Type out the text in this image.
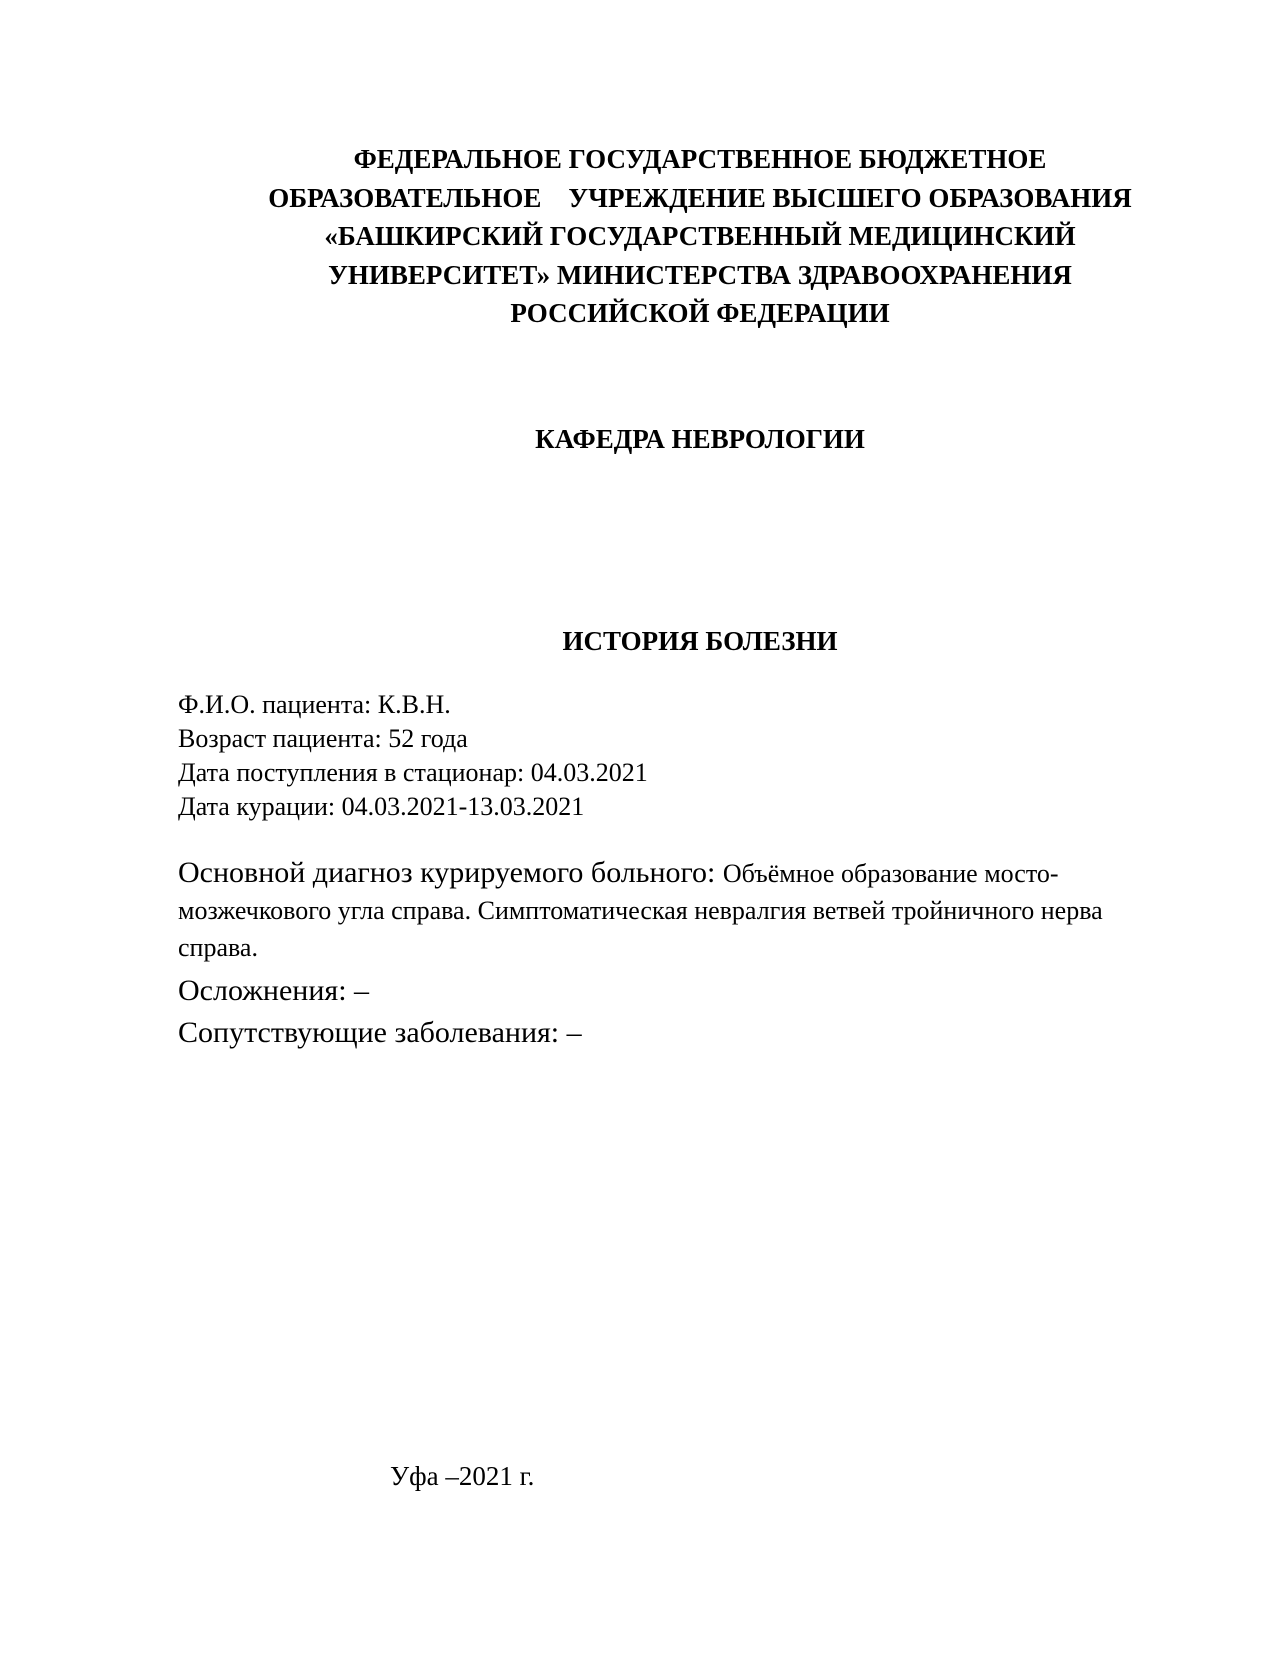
ФЕДЕРАЛЬНОЕ ГОСУДАРСТВЕННОЕ БЮДЖЕТНОЕ
ОБРАЗОВАТЕЛЬНОЕ    УЧРЕЖДЕНИЕ ВЫСШЕГО ОБРАЗОВАНИЯ
«БАШКИРСКИЙ ГОСУДАРСТВЕННЫЙ МЕДИЦИНСКИЙ
УНИВЕРСИТЕТ» МИНИСТЕРСТВА ЗДРАВООХРАНЕНИЯ
РОССИЙСКОЙ ФЕДЕРАЦИИ
КАФЕДРА НЕВРОЛОГИИ
ИСТОРИЯ БОЛЕЗНИ
Ф.И.О. пациента: К.В.Н.
Возраст пациента: 52 года
Дата поступления в стационар: 04.03.2021
Дата курации: 04.03.2021-13.03.2021
Основной диагноз курируемого больного: Объёмное образование мосто-мозжечкового угла справа. Симптоматическая невралгия ветвей тройничного нерва справа.
Осложнения: –
Сопутствующие заболевания: –
Уфа –2021 г.
